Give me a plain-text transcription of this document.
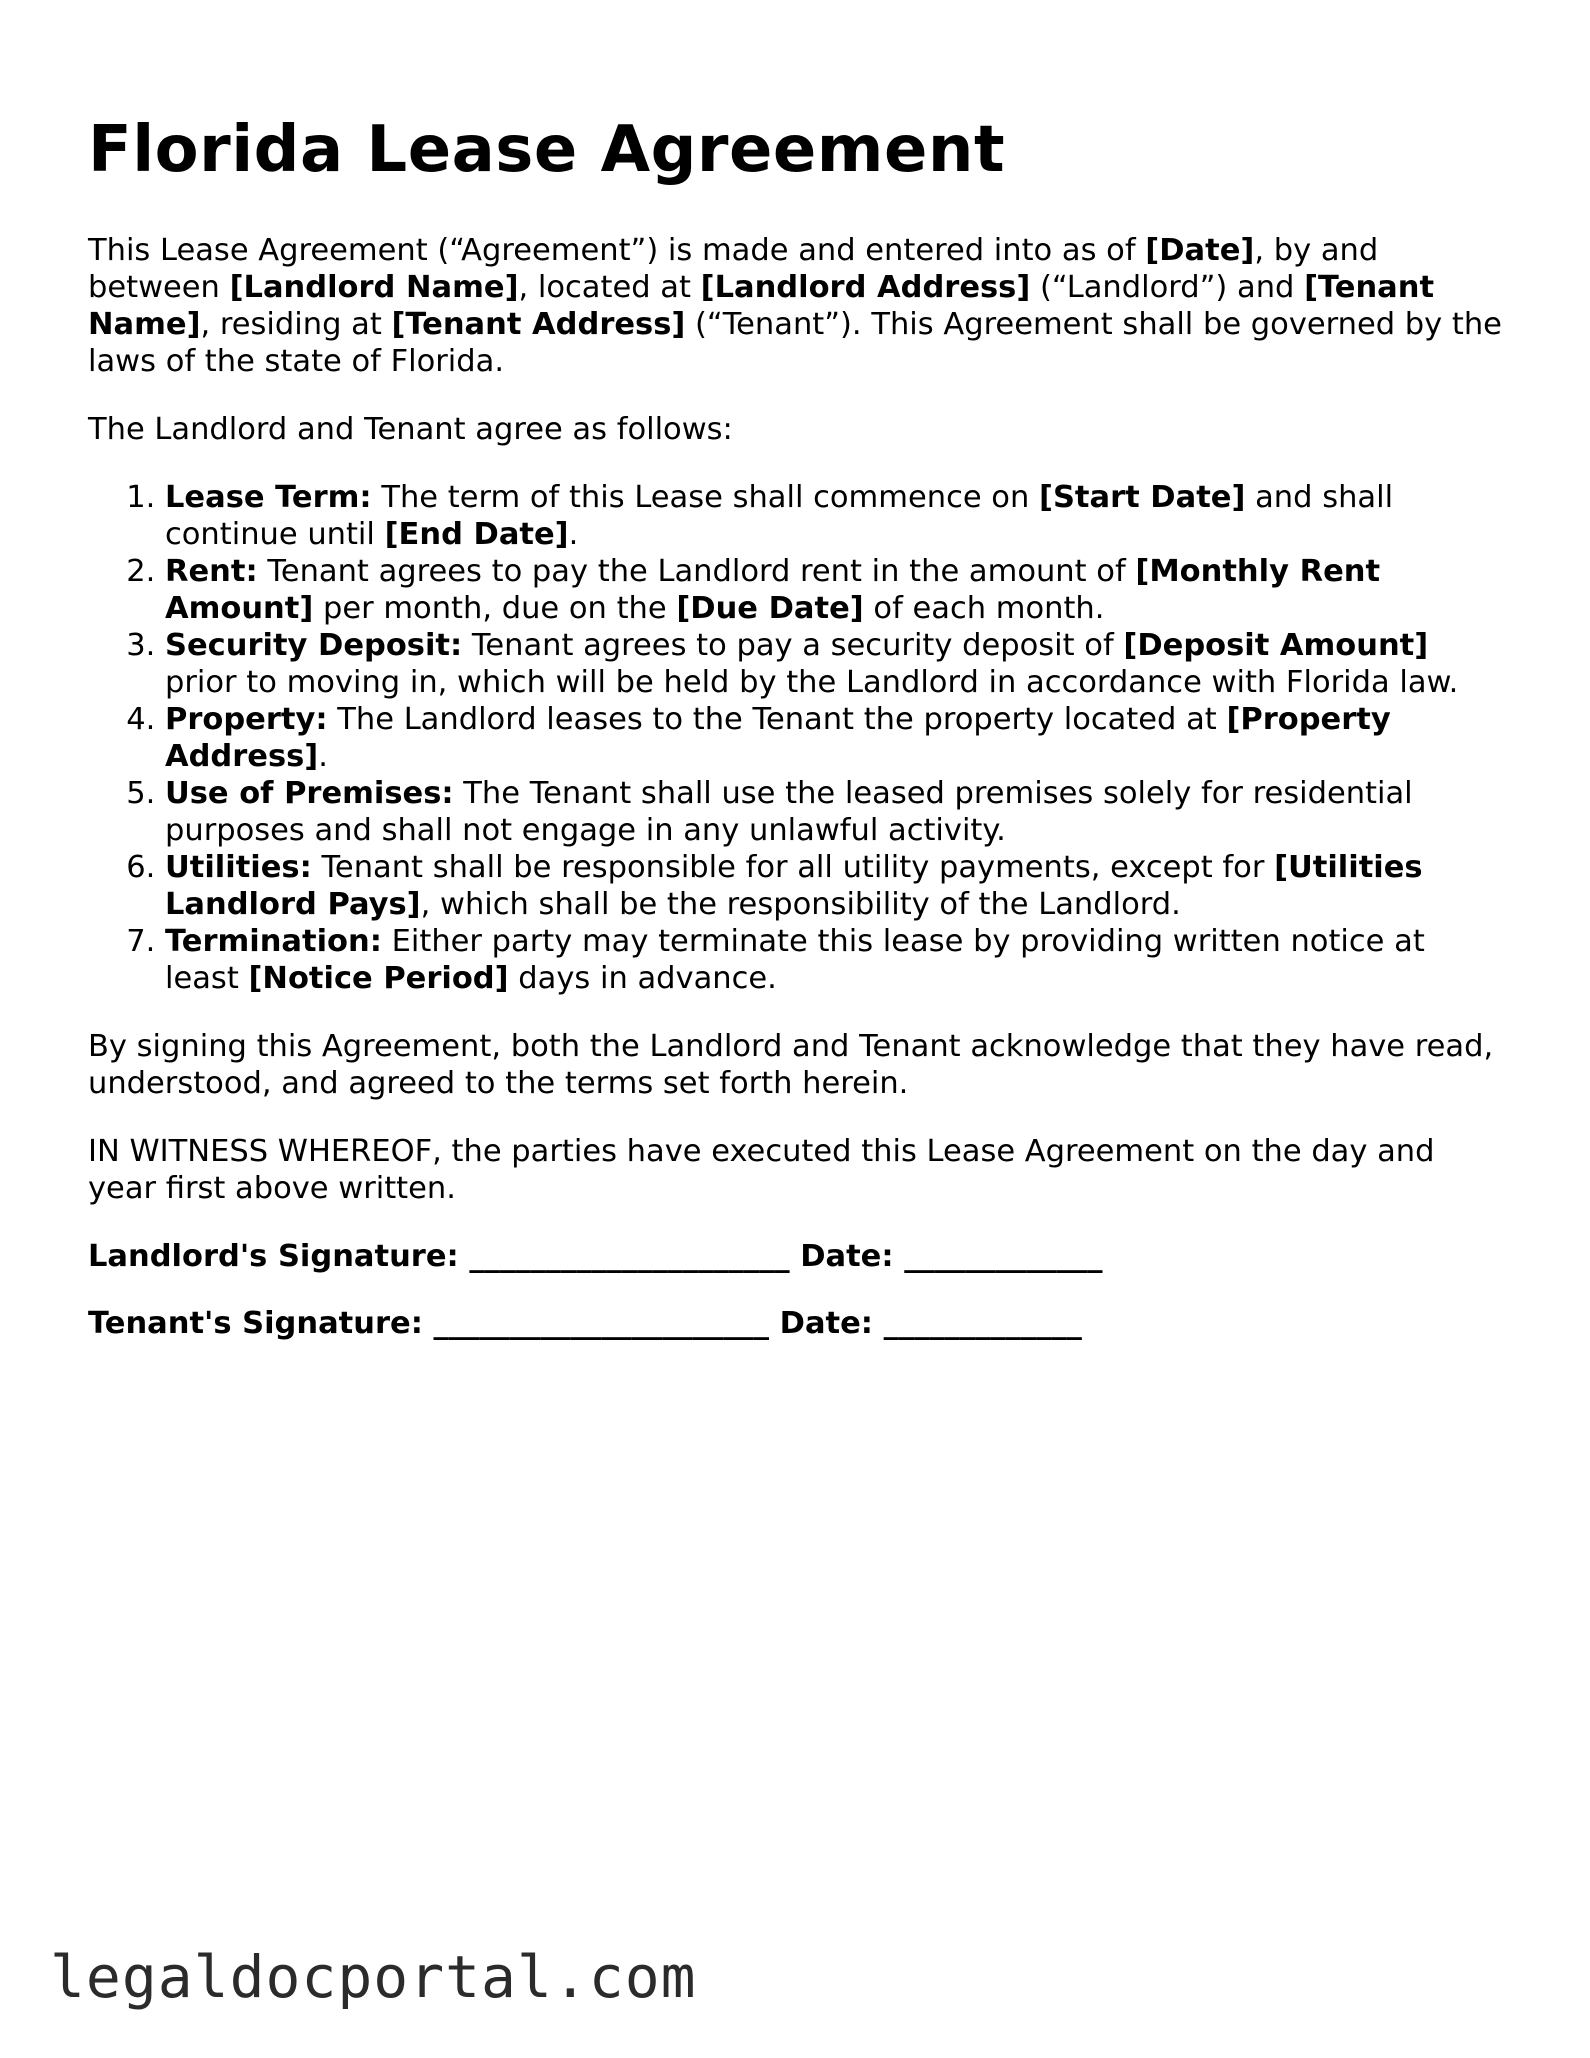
Florida Lease Agreement

This Lease Agreement (“Agreement”) is made and entered into as of [Date], by and between [Landlord Name], located at [Landlord Address] (“Landlord”) and [Tenant Name], residing at [Tenant Address] (“Tenant”). This Agreement shall be governed by the laws of the state of Florida.

The Landlord and Tenant agree as follows:

1. Lease Term: The term of this Lease shall commence on [Start Date] and shall continue until [End Date].
2. Rent: Tenant agrees to pay the Landlord rent in the amount of [Monthly Rent Amount] per month, due on the [Due Date] of each month.
3. Security Deposit: Tenant agrees to pay a security deposit of [Deposit Amount] prior to moving in, which will be held by the Landlord in accordance with Florida law.
4. Property: The Landlord leases to the Tenant the property located at [Property Address].
5. Use of Premises: The Tenant shall use the leased premises solely for residential purposes and shall not engage in any unlawful activity.
6. Utilities: Tenant shall be responsible for all utility payments, except for [Utilities Landlord Pays], which shall be the responsibility of the Landlord.
7. Termination: Either party may terminate this lease by providing written notice at least [Notice Period] days in advance.

By signing this Agreement, both the Landlord and Tenant acknowledge that they have read, understood, and agreed to the terms set forth herein.

IN WITNESS WHEREOF, the parties have executed this Lease Agreement on the day and year first above written.

Landlord's Signature: _____________________ Date: _____________
Tenant's Signature: ______________________ Date: _____________
legaldocportal.com
